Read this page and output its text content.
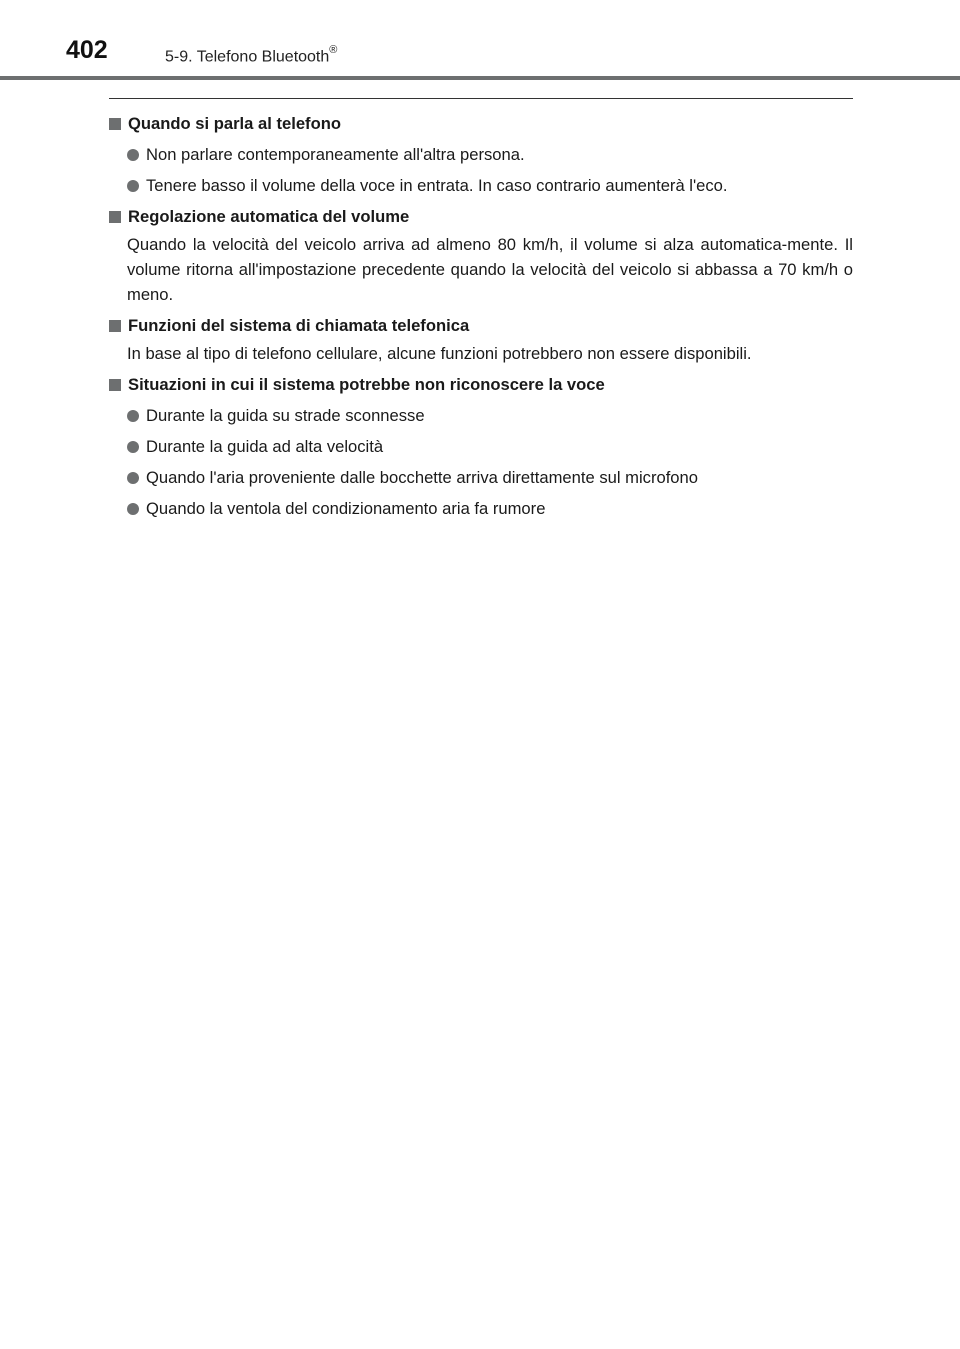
402	5-9. Telefono Bluetooth®
Quando si parla al telefono
Non parlare contemporaneamente all'altra persona.
Tenere basso il volume della voce in entrata. In caso contrario aumenterà l'eco.
Regolazione automatica del volume
Quando la velocità del veicolo arriva ad almeno 80 km/h, il volume si alza automatica-mente. Il volume ritorna all'impostazione precedente quando la velocità del veicolo si abbassa a 70 km/h o meno.
Funzioni del sistema di chiamata telefonica
In base al tipo di telefono cellulare, alcune funzioni potrebbero non essere disponibili.
Situazioni in cui il sistema potrebbe non riconoscere la voce
Durante la guida su strade sconnesse
Durante la guida ad alta velocità
Quando l'aria proveniente dalle bocchette arriva direttamente sul microfono
Quando la ventola del condizionamento aria fa rumore
